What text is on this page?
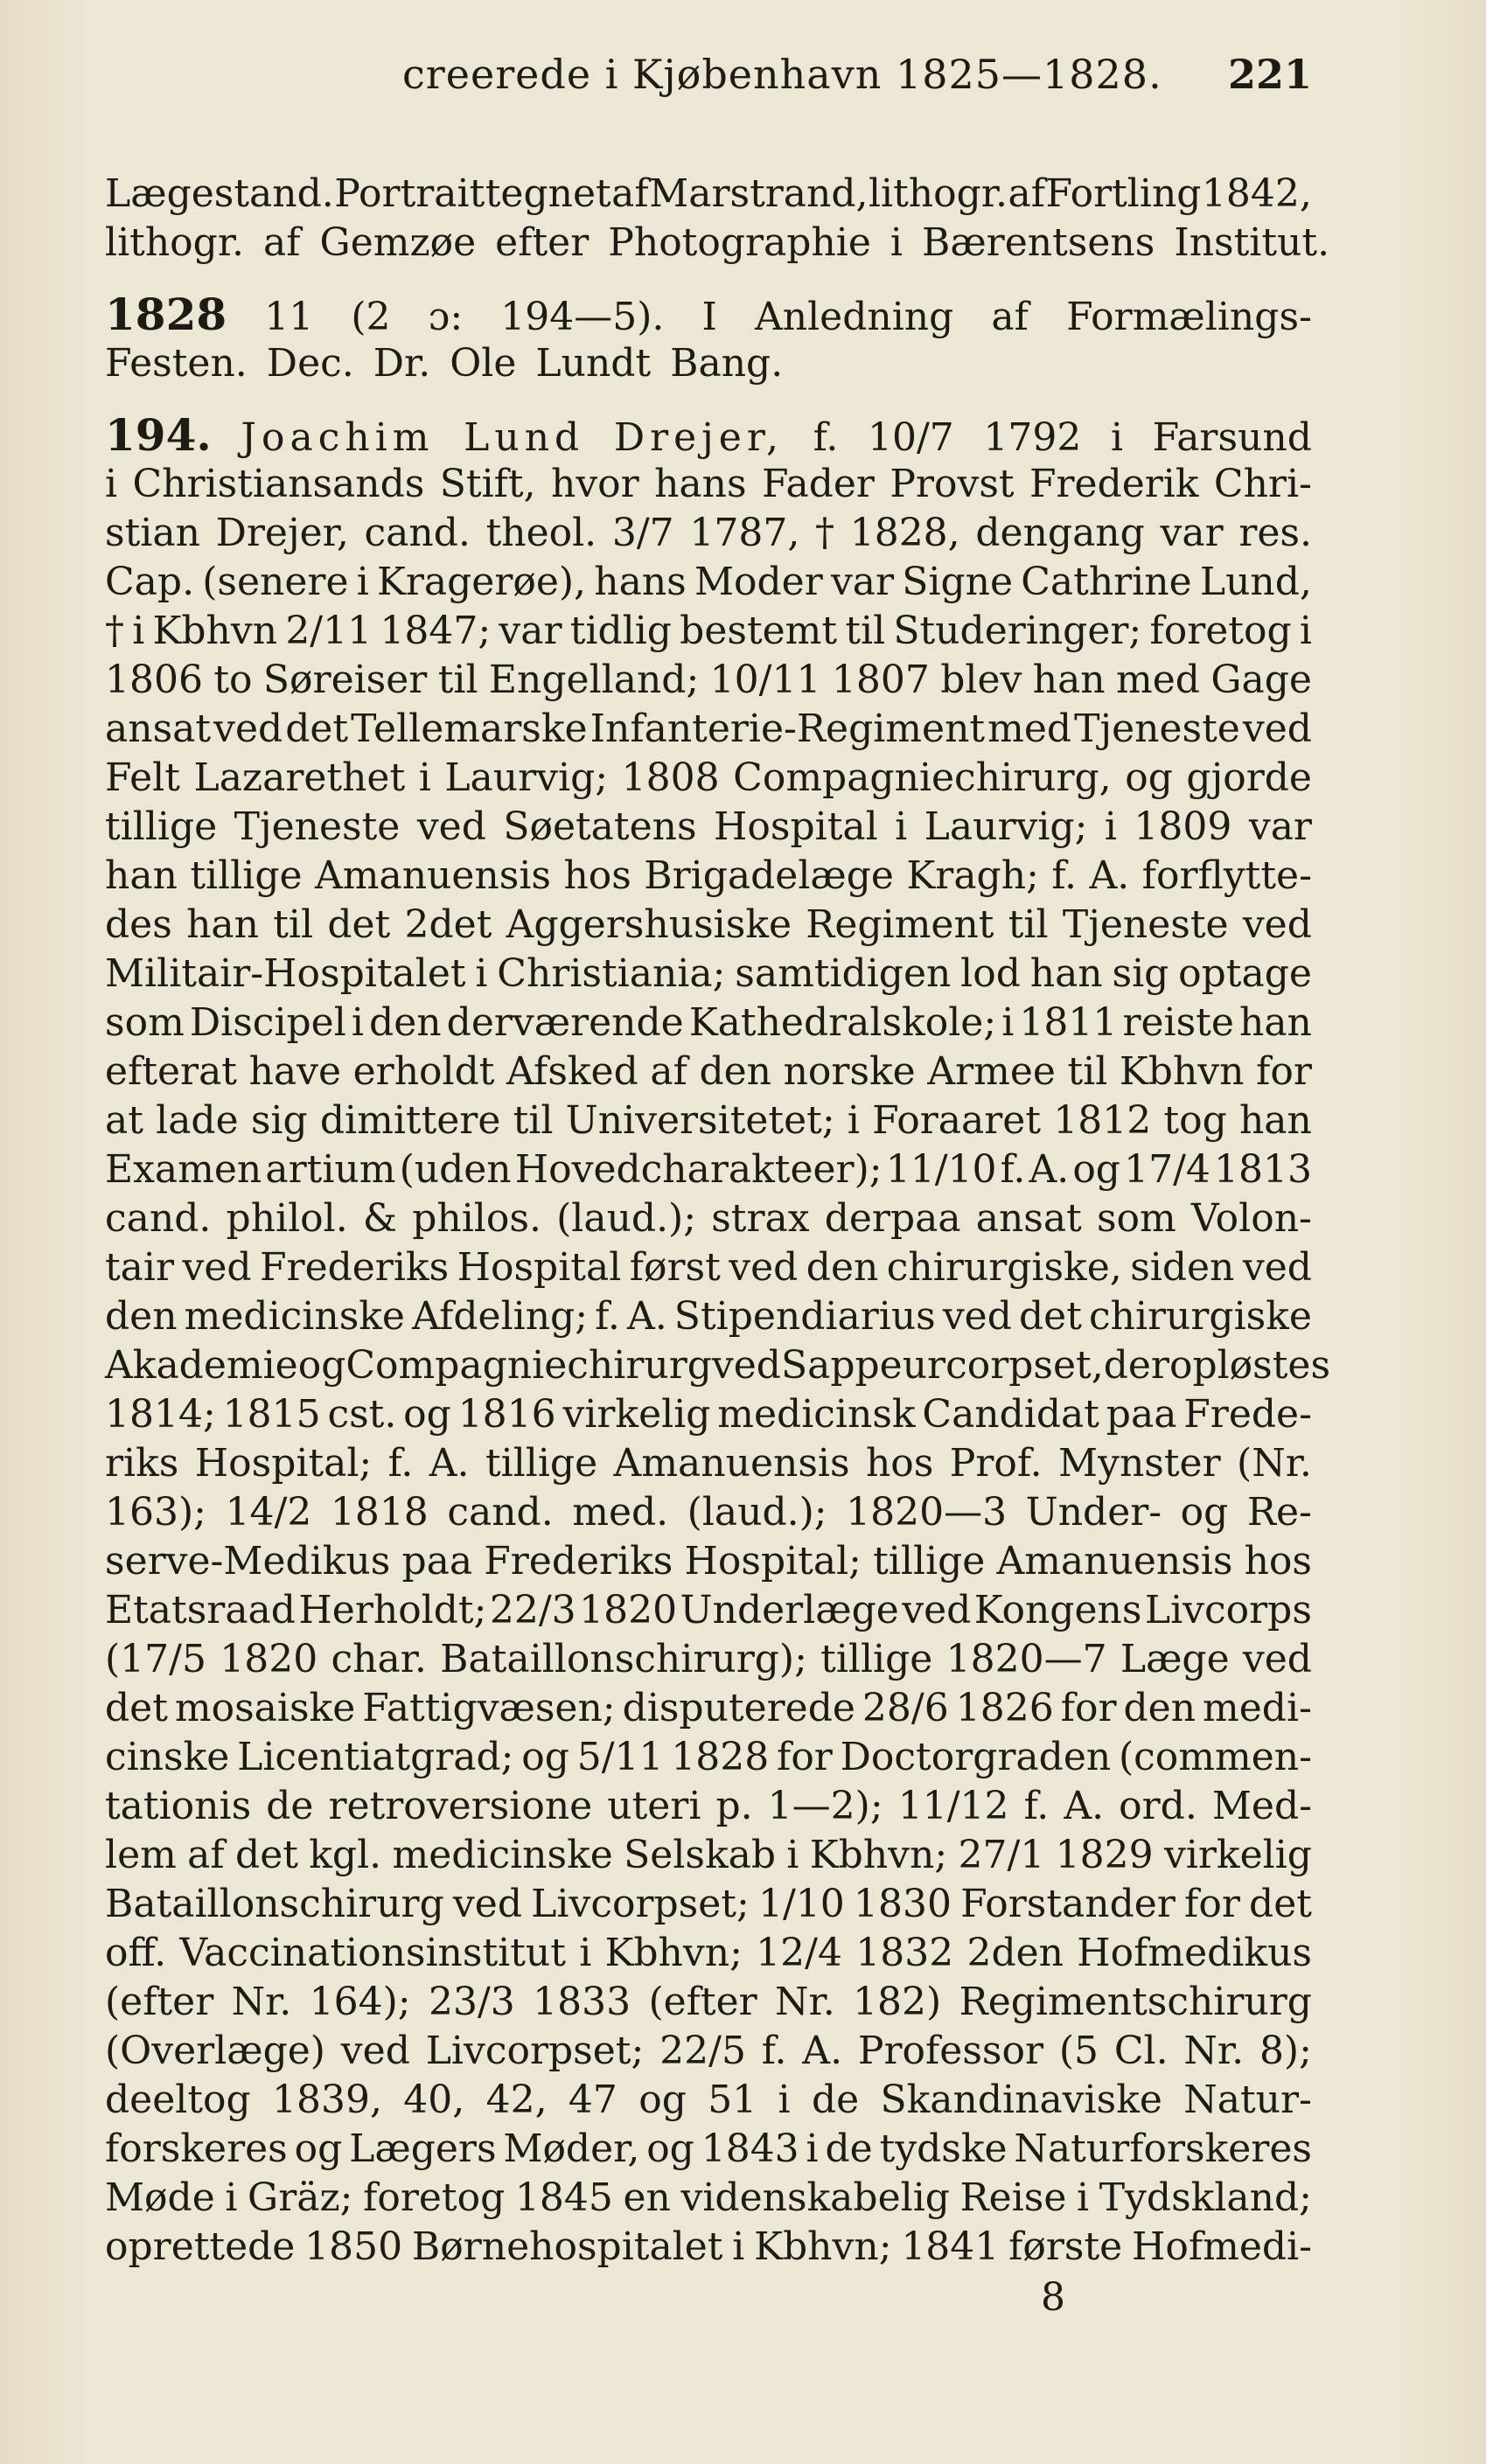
creerede i Kjøbenhavn 1825—1828. 221
Lægestand. Portrait tegnet af Marstrand, lithogr. af Fortling 1842,
lithogr. af Gemzøe efter Photographie i Bærentsens Institut.
1828 11 (2 ɔ: 194—5). I Anledning af Formælings-
Festen. Dec. Dr. Ole Lundt Bang.
194. Joachim Lund Drejer, f. 10/7 1792 i Farsund
i Christiansands Stift, hvor hans Fader Provst Frederik Chri-
stian Drejer, cand. theol. 3/7 1787, † 1828, dengang var res.
Cap. (senere i Kragerøe), hans Moder var Signe Cathrine Lund,
† i Kbhvn 2/11 1847; var tidlig bestemt til Studeringer; foretog i
1806 to Søreiser til Engelland; 10/11 1807 blev han med Gage
ansat ved det Tellemarske Infanterie-Regiment med Tjeneste ved
Felt Lazarethet i Laurvig; 1808 Compagniechirurg, og gjorde
tillige Tjeneste ved Søetatens Hospital i Laurvig; i 1809 var
han tillige Amanuensis hos Brigadelæge Kragh; f. A. forflytte-
des han til det 2det Aggershusiske Regiment til Tjeneste ved
Militair-Hospitalet i Christiania; samtidigen lod han sig optage
som Discipel i den derværende Kathedralskole; i 1811 reiste han
efterat have erholdt Afsked af den norske Armee til Kbhvn for
at lade sig dimittere til Universitetet; i Foraaret 1812 tog han
Examen artium (uden Hovedcharakteer); 11/10 f. A. og 17/4 1813
cand. philol. & philos. (laud.); strax derpaa ansat som Volon-
tair ved Frederiks Hospital først ved den chirurgiske, siden ved
den medicinske Afdeling; f. A. Stipendiarius ved det chirurgiske
Akademie og Compagniechirurg ved Sappeurcorpset, der opløstes
1814; 1815 cst. og 1816 virkelig medicinsk Candidat paa Frede-
riks Hospital; f. A. tillige Amanuensis hos Prof. Mynster (Nr.
163); 14/2 1818 cand. med. (laud.); 1820—3 Under- og Re-
serve-Medikus paa Frederiks Hospital; tillige Amanuensis hos
Etatsraad Herholdt; 22/3 1820 Underlæge ved Kongens Livcorps
(17/5 1820 char. Bataillonschirurg); tillige 1820—7 Læge ved
det mosaiske Fattigvæsen; disputerede 28/6 1826 for den medi-
cinske Licentiatgrad; og 5/11 1828 for Doctorgraden (commen-
tationis de retroversione uteri p. 1—2); 11/12 f. A. ord. Med-
lem af det kgl. medicinske Selskab i Kbhvn; 27/1 1829 virkelig
Bataillonschirurg ved Livcorpset; 1/10 1830 Forstander for det
off. Vaccinationsinstitut i Kbhvn; 12/4 1832 2den Hofmedikus
(efter Nr. 164); 23/3 1833 (efter Nr. 182) Regimentschirurg
(Overlæge) ved Livcorpset; 22/5 f. A. Professor (5 Cl. Nr. 8);
deeltog 1839, 40, 42, 47 og 51 i de Skandinaviske Natur-
forskeres og Lægers Møder, og 1843 i de tydske Naturforskeres
Møde i Gräz; foretog 1845 en videnskabelig Reise i Tydskland;
oprettede 1850 Børnehospitalet i Kbhvn; 1841 første Hofmedi-
8
